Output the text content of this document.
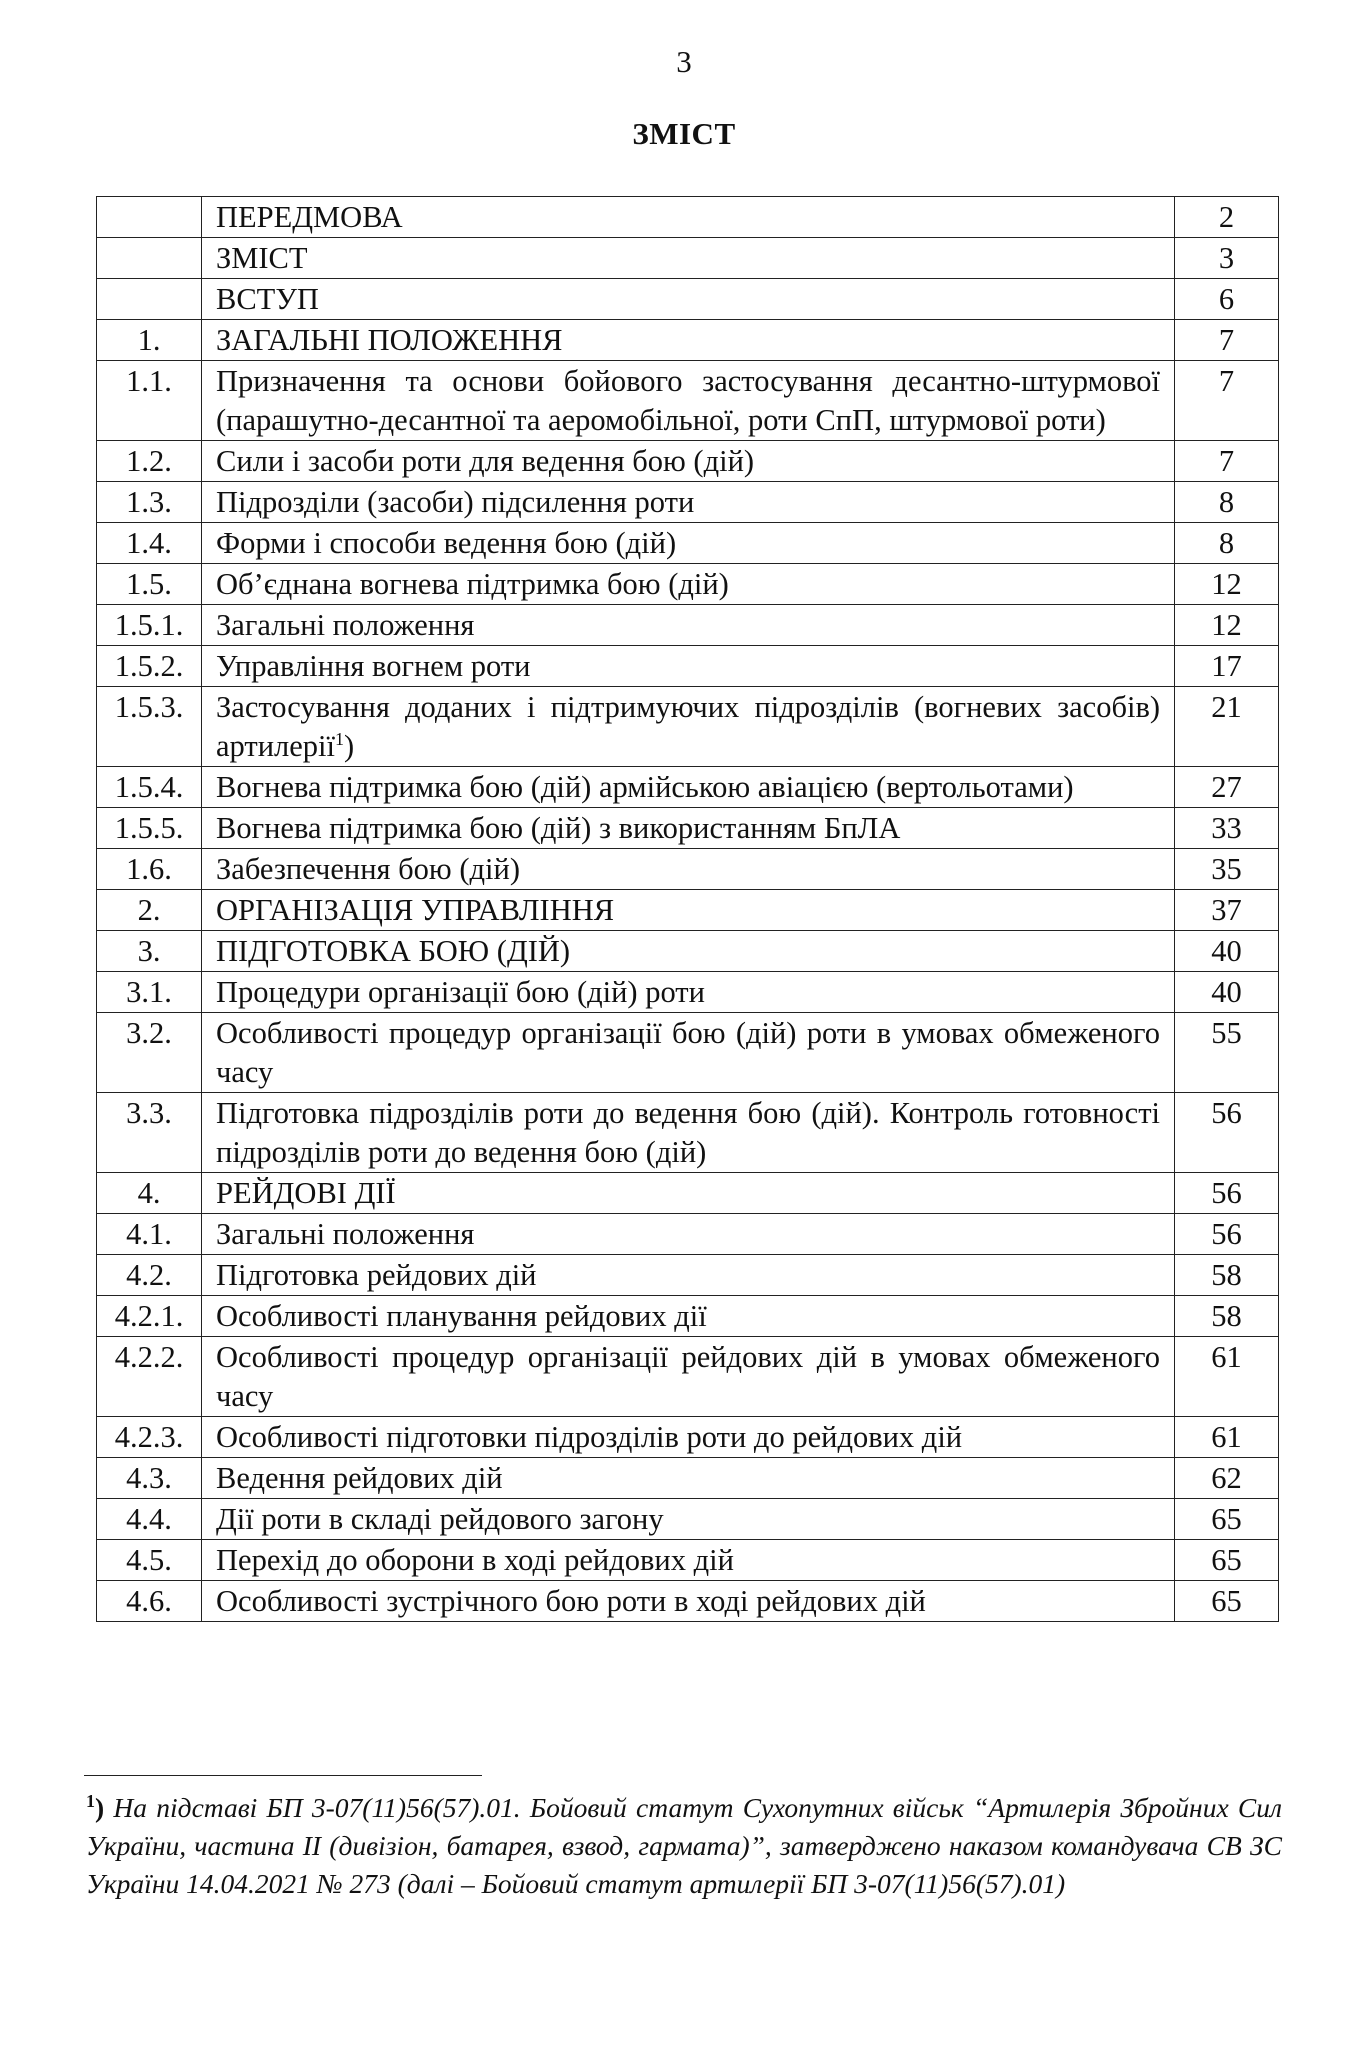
3
ЗМІСТ
	ПЕРЕДМОВА	2
	ЗМІСТ	3
	ВСТУП	6
1.	ЗАГАЛЬНІ ПОЛОЖЕННЯ	7
1.1.	Призначення та основи бойового застосування десантно-штурмової (парашутно-десантної та аеромобільної, роти СпП, штурмової роти)	7
1.2.	Сили і засоби роти для ведення бою (дій)	7
1.3.	Підрозділи (засоби) підсилення роти	8
1.4.	Форми і способи ведення бою (дій)	8
1.5.	Об’єднана вогнева підтримка бою (дій)	12
1.5.1.	Загальні положення	12
1.5.2.	Управління вогнем роти	17
1.5.3.	Застосування доданих і підтримуючих підрозділів (вогневих засобів) артилерії$^1$)	21
1.5.4.	Вогнева підтримка бою (дій) армійською авіацією (вертольотами)	27
1.5.5.	Вогнева підтримка бою (дій) з використанням БпЛА	33
1.6.	Забезпечення бою (дій)	35
2.	ОРГАНІЗАЦІЯ УПРАВЛІННЯ	37
3.	ПІДГОТОВКА БОЮ (ДІЙ)	40
3.1.	Процедури організації бою (дій) роти	40
3.2.	Особливості процедур організації бою (дій) роти в умовах обмеженого часу	55
3.3.	Підготовка підрозділів роти до ведення бою (дій). Контроль готовності підрозділів роти до ведення бою (дій)	56
4.	РЕЙДОВІ ДІЇ	56
4.1.	Загальні положення	56
4.2.	Підготовка рейдових дій	58
4.2.1.	Особливості планування рейдових дії	58
4.2.2.	Особливості процедур організації рейдових дій в умовах обмеженого часу	61
4.2.3.	Особливості підготовки підрозділів роти до рейдових дій	61
4.3.	Ведення рейдових дій	62
4.4.	Дії роти в складі рейдового загону	65
4.5.	Перехід до оборони в ході рейдових дій	65
4.6.	Особливості зустрічного бою роти в ході рейдових дій	65
$^1$) На підставі БП 3-07(11)56(57).01. Бойовий статут Сухопутних військ “Артилерія Збройних Сил України, частина II (дивізіон, батарея, взвод, гармата)”, затверджено наказом командувача СВ ЗС України 14.04.2021 № 273 (далі – Бойовий статут артилерії БП 3-07(11)56(57).01)
